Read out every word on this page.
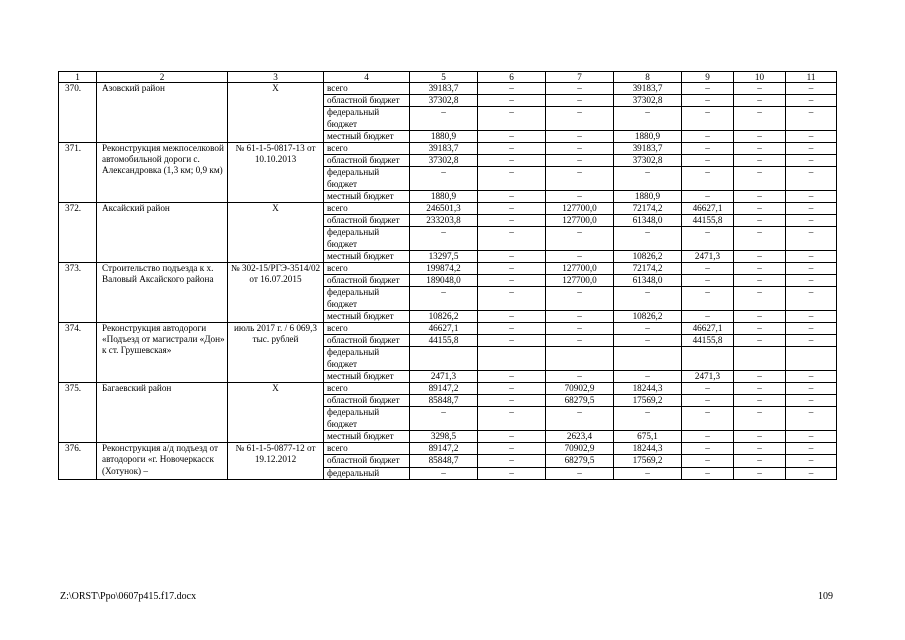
1	2	3	4	5	6	7	8	9	10	11
370.	Азовский район	Х	всего	39183,7	–	–	39183,7	–	–	–
			областной бюджет	37302,8	–	–	37302,8	–	–	–
			федеральный бюджет	–	–	–	–	–	–	–
			местный бюджет	1880,9	–	–	1880,9	–	–	–
371.	Реконструкция межпоселковой автомобильной дороги с. Александровка (1,3 км; 0,9 км)	№ 61-1-5-0817-13 от 10.10.2013	всего	39183,7	–	–	39183,7	–	–	–
			областной бюджет	37302,8	–	–	37302,8	–	–	–
			федеральный бюджет	–	–	–	–	–	–	–
			местный бюджет	1880,9	–	–	1880,9	–	–	–
372.	Аксайский район	Х	всего	246501,3	–	127700,0	72174,2	46627,1	–	–
			областной бюджет	233203,8	–	127700,0	61348,0	44155,8	–	–
			федеральный бюджет	–	–	–	–	–	–	–
			местный бюджет	13297,5	–	–	10826,2	2471,3	–	–
373.	Строительство подъезда к х. Валовый Аксайского района	№ 302-15/РГЭ-3514/02 от 16.07.2015	всего	199874,2	–	127700,0	72174,2	–	–	–
			областной бюджет	189048,0	–	127700,0	61348,0	–	–	–
			федеральный бюджет	–	–	–	–	–	–	–
			местный бюджет	10826,2	–	–	10826,2	–	–	–
374.	Реконструкция автодороги «Подъезд от магистрали «Дон» к ст. Грушевская»	июль 2017 г. / 6 069,3 тыс. рублей	всего	46627,1	–	–	–	46627,1	–	–
			областной бюджет	44155,8	–	–	–	44155,8	–	–
			федеральный бюджет							
			местный бюджет	2471,3	–	–	–	2471,3	–	–
375.	Багаевский район	Х	всего	89147,2	–	70902,9	18244,3	–	–	–
			областной бюджет	85848,7	–	68279,5	17569,2	–	–	–
			федеральный бюджет	–	–	–	–	–	–	–
			местный бюджет	3298,5	–	2623,4	675,1	–	–	–
376.	Реконструкция а/д подъезд от автодороги «г. Новочеркасск (Хотунок) –	№ 61-1-5-0877-12 от 19.12.2012	всего	89147,2	–	70902,9	18244,3	–	–	–
			областной бюджет	85848,7	–	68279,5	17569,2	–	–	–
			федеральный	–	–	–	–	–	–	–
Z:\ORST\Ppo\0607p415.f17.docx	109
